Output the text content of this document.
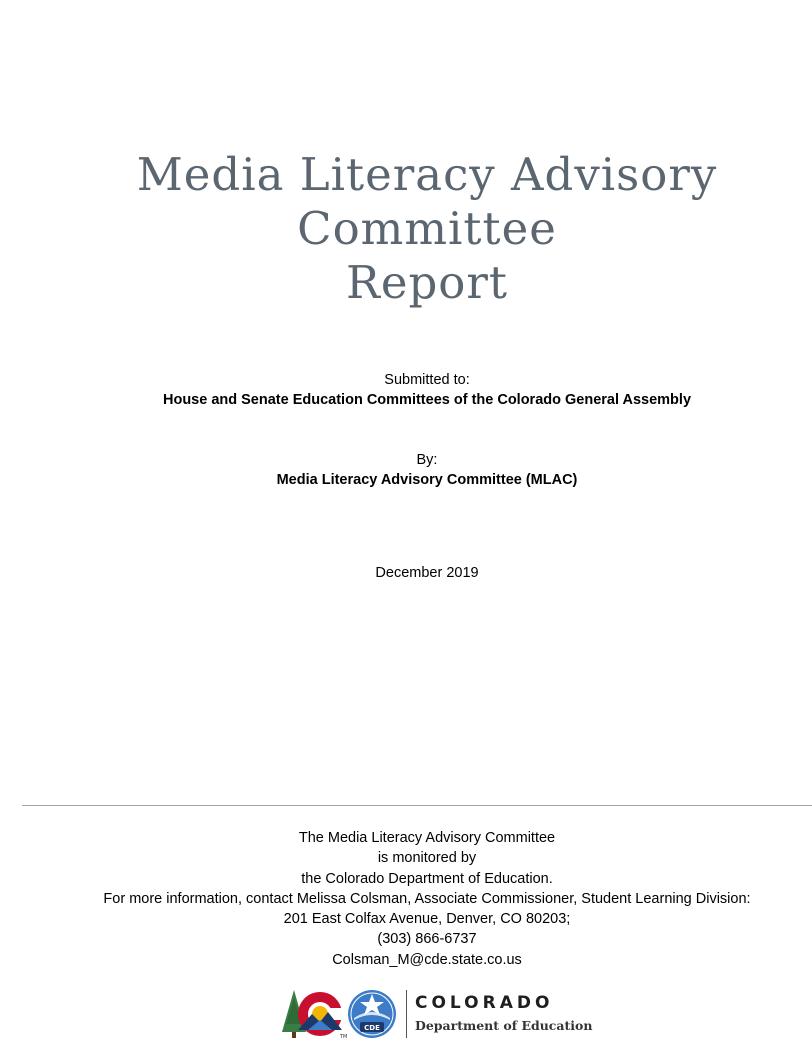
Media Literacy Advisory
Committee
Report
Submitted to:
House and Senate Education Committees of the Colorado General Assembly
By:
Media Literacy Advisory Committee (MLAC)
December 2019
The Media Literacy Advisory Committee
is monitored by
the Colorado Department of Education.
For more information, contact Melissa Colsman, Associate Commissioner, Student Learning Division:
201 East Colfax Avenue, Denver, CO 80203;
(303) 866-6737
Colsman_M@cde.state.co.us
TM
CDE
COLORADO
Department of Education
